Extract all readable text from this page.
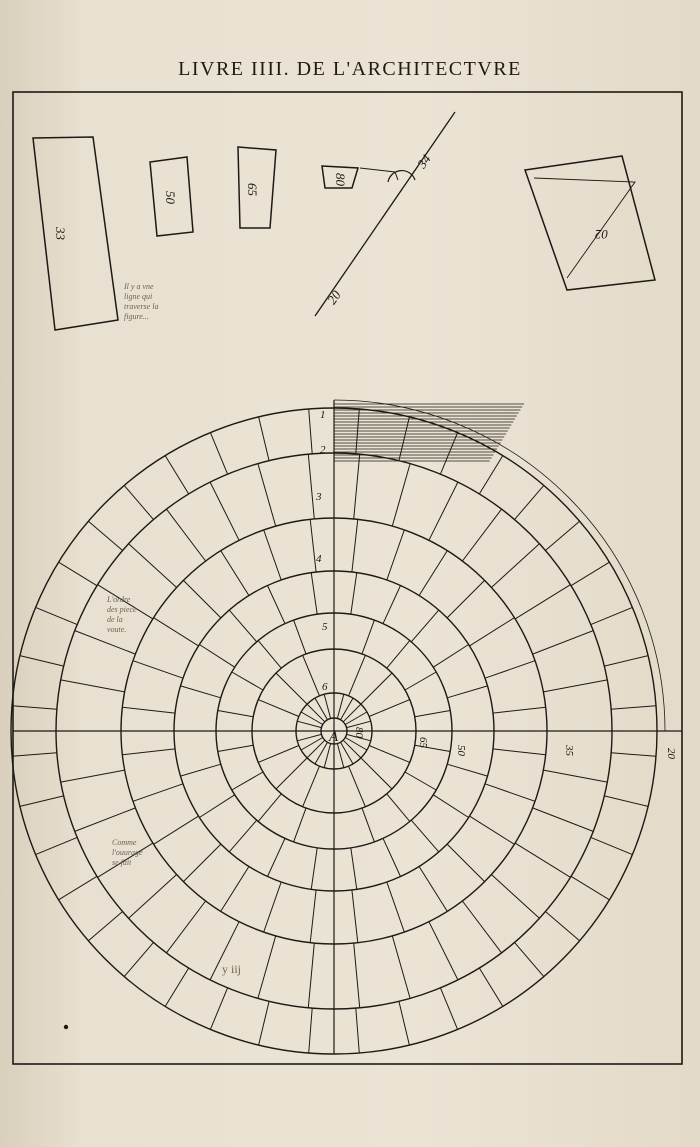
LIVRE IIII. DE L'ARCHITECTVRE
33
50
65
80
02
34
20
A 80
65
50	35	20
1
2
3
4
5
6
L'ordre
des piece
de la
voute.
Comme
l'ouurage
se fait
Il y a vne
ligne qui
traverse la
figure...
y iij
